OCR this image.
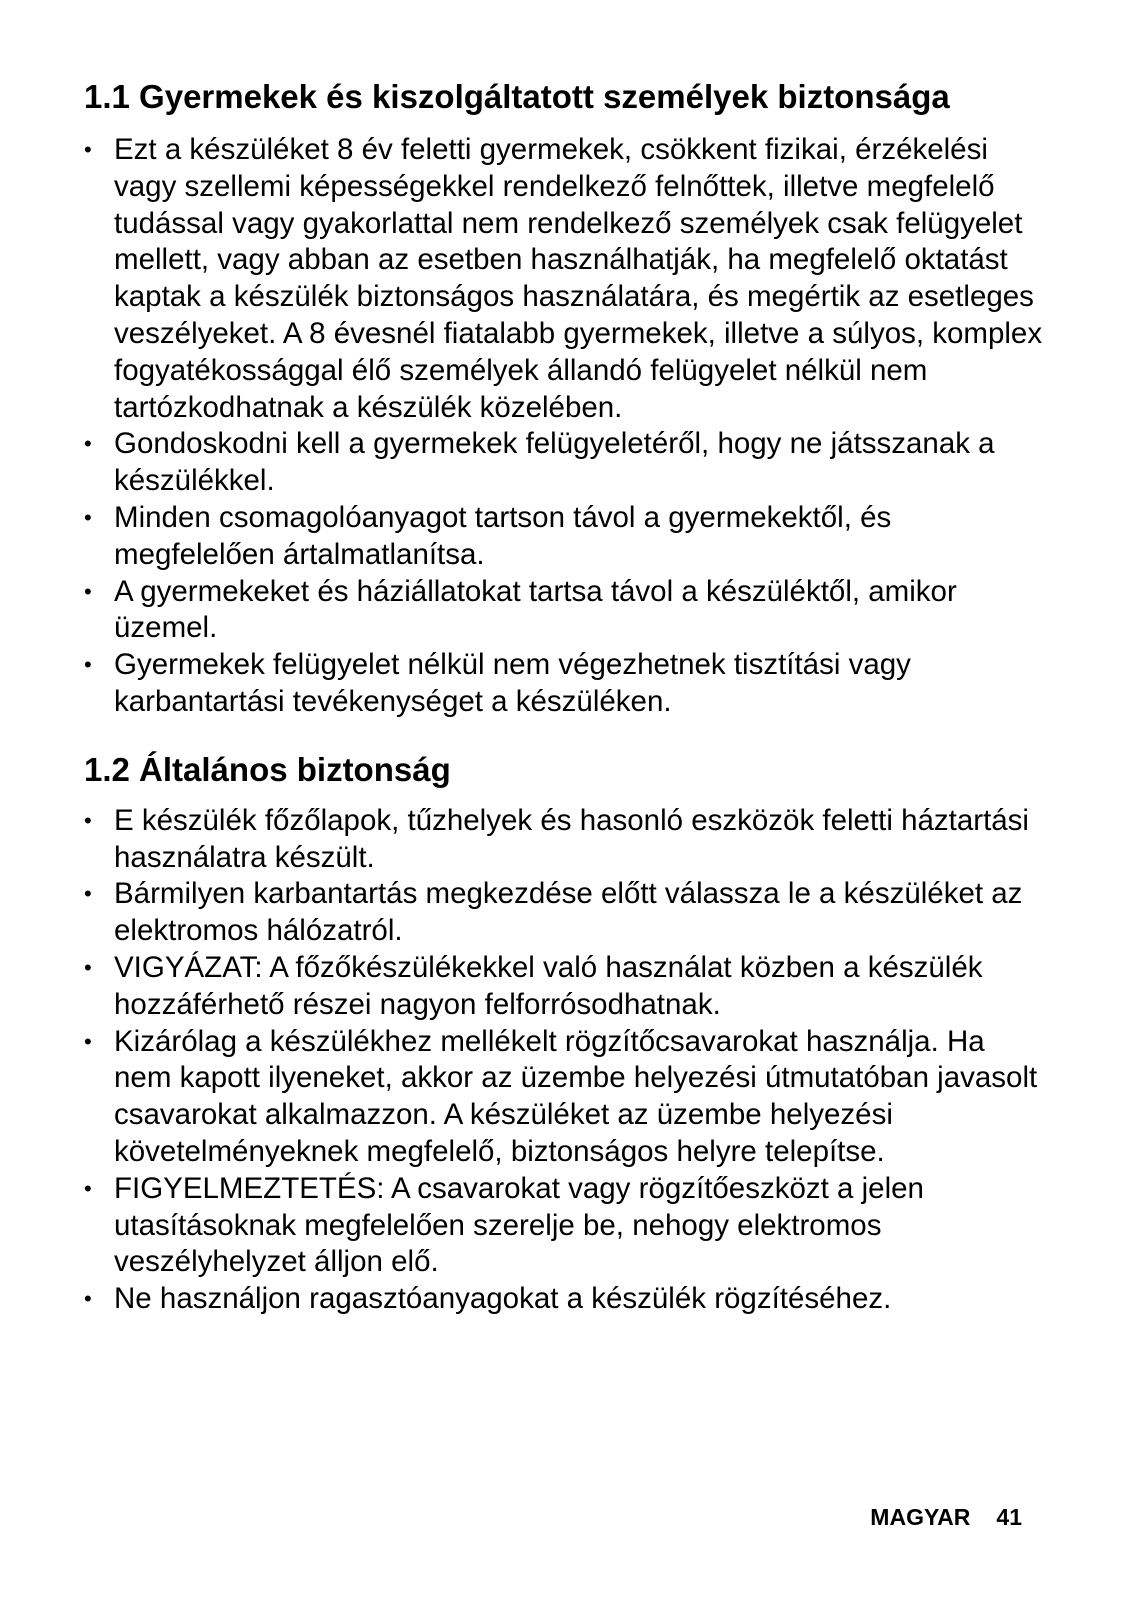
1.1 Gyermekek és kiszolgáltatott személyek biztonsága
• Ezt a készüléket 8 év feletti gyermekek, csökkent fizikai, érzékelési vagy szellemi képességekkel rendelkező felnőttek, illetve megfelelő tudással vagy gyakorlattal nem rendelkező személyek csak felügyelet mellett, vagy abban az esetben használhatják, ha megfelelő oktatást kaptak a készülék biztonságos használatára, és megértik az esetleges veszélyeket. A 8 évesnél fiatalabb gyermekek, illetve a súlyos, komplex fogyatékossággal élő személyek állandó felügyelet nélkül nem tartózkodhatnak a készülék közelében.
• Gondoskodni kell a gyermekek felügyeletéről, hogy ne játsszanak a készülékkel.
• Minden csomagolóanyagot tartson távol a gyermekektől, és megfelelően ártalmatlanítsa.
• A gyermekeket és háziállatokat tartsa távol a készüléktől, amikor üzemel.
• Gyermekek felügyelet nélkül nem végezhetnek tisztítási vagy karbantartási tevékenységet a készüléken.
1.2 Általános biztonság
• E készülék főzőlapok, tűzhelyek és hasonló eszközök feletti háztartási használatra készült.
• Bármilyen karbantartás megkezdése előtt válassza le a készüléket az elektromos hálózatról.
• VIGYÁZAT: A főzőkészülékekkel való használat közben a készülék hozzáférhető részei nagyon felforrósodhatnak.
• Kizárólag a készülékhez mellékelt rögzítőcsavarokat használja. Ha nem kapott ilyeneket, akkor az üzembe helyezési útmutatóban javasolt csavarokat alkalmazzon. A készüléket az üzembe helyezési követelményeknek megfelelő, biztonságos helyre telepítse.
• FIGYELMEZTETÉS: A csavarokat vagy rögzítőeszközt a jelen utasításoknak megfelelően szerelje be, nehogy elektromos veszélyhelyzet álljon elő.
• Ne használjon ragasztóanyagokat a készülék rögzítéséhez.
MAGYAR 41
